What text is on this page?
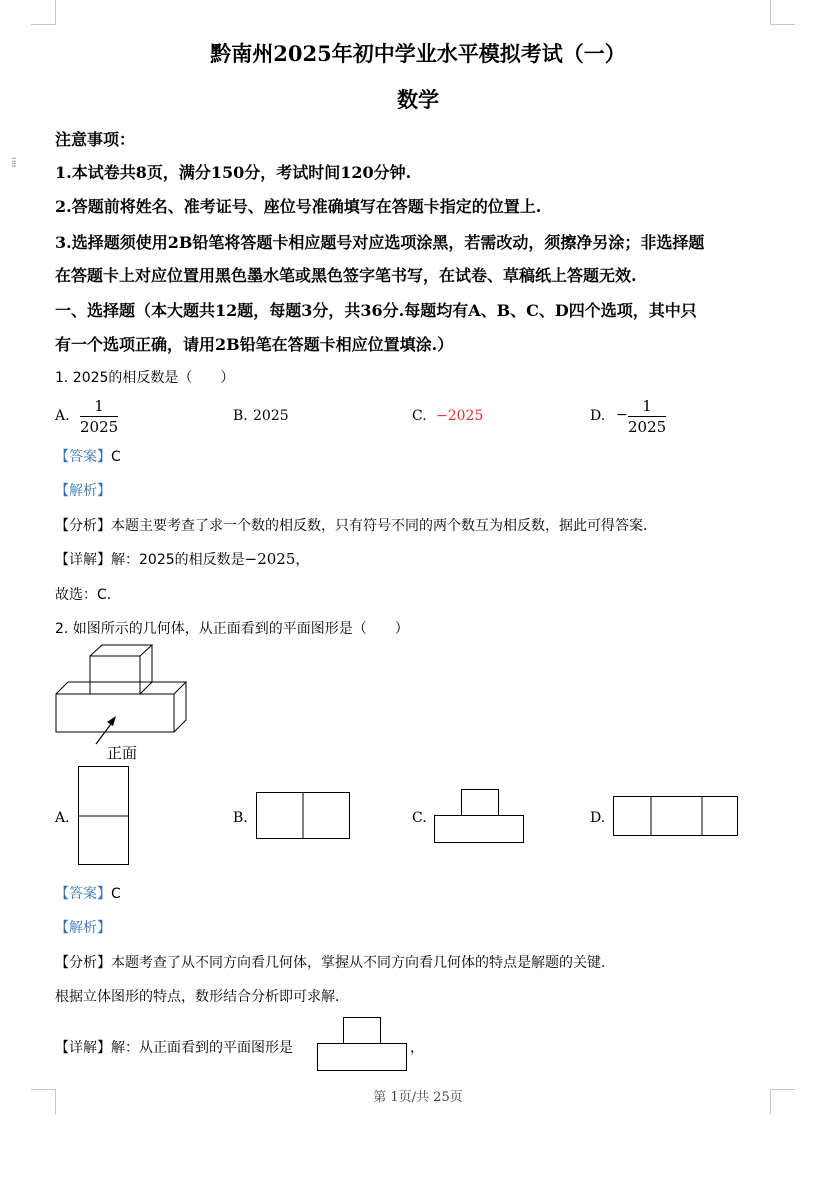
⁞⁞
黔南州2025年初中学业水平模拟考试（一）
数学
注意事项：
1.本试卷共8页，满分150分，考试时间120分钟.
2.答题前将姓名、准考证号、座位号准确填写在答题卡指定的位置上.
3.选择题须使用2B铅笔将答题卡相应题号对应选项涂黑，若需改动，须擦净另涂；非选择题
在答题卡上对应位置用黑色墨水笔或黑色签字笔书写，在试卷、草稿纸上答题无效.
一、选择题（本大题共12题，每题3分，共36分.每题均有A、B、C、D四个选项，其中只
有一个选项正确，请用2B铅笔在答题卡相应位置填涂.）
1. 2025的相反数是（　　）
A.
1
2025
B. 2025	C. −2025	D. − 1
2025
【答案】C
【解析】
【分析】本题主要考查了求一个数的相反数，只有符号不同的两个数互为相反数，据此可得答案．
【详解】解：2025的相反数是−2025，
故选：C．
2. 如图所示的几何体，从正面看到的平面图形是（　　）
正面
A.	B.	C.	D.
【答案】C
【解析】
【分析】本题考查了从不同方向看几何体，掌握从不同方向看几何体的特点是解题的关键．
根据立体图形的特点，数形结合分析即可求解．
【详解】解：从正面看到的平面图形是	，
第 1页/共 25页
